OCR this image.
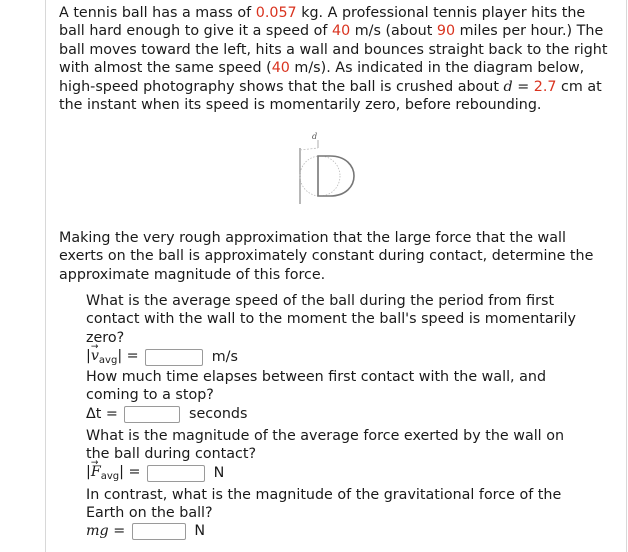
A tennis ball has a mass of 0.057 kg. A professional tennis player hits the
ball hard enough to give it a speed of 40 m/s (about 90 miles per hour.) The
ball moves toward the left, hits a wall and bounces straight back to the right
with almost the same speed (40 m/s). As indicated in the diagram below,
high-speed photography shows that the ball is crushed about d = 2.7 cm at
the instant when its speed is momentarily zero, before rebounding.
d
Making the very rough approximation that the large force that the wall
exerts on the ball is approximately constant during contact, determine the
approximate magnitude of this force.
What is the average speed of the ball during the period from first
contact with the wall to the moment the ball's speed is momentarily
zero?
|→ $v_{avg}|$ =	m/s
How much time elapses between first contact with the wall, and
coming to a stop?
Δt =	seconds
What is the magnitude of the average force exerted by the wall on
the ball during contact?
|→ $F_{avg}|$ =	N
In contrast, what is the magnitude of the gravitational force of the
Earth on the ball?
mg =	N
